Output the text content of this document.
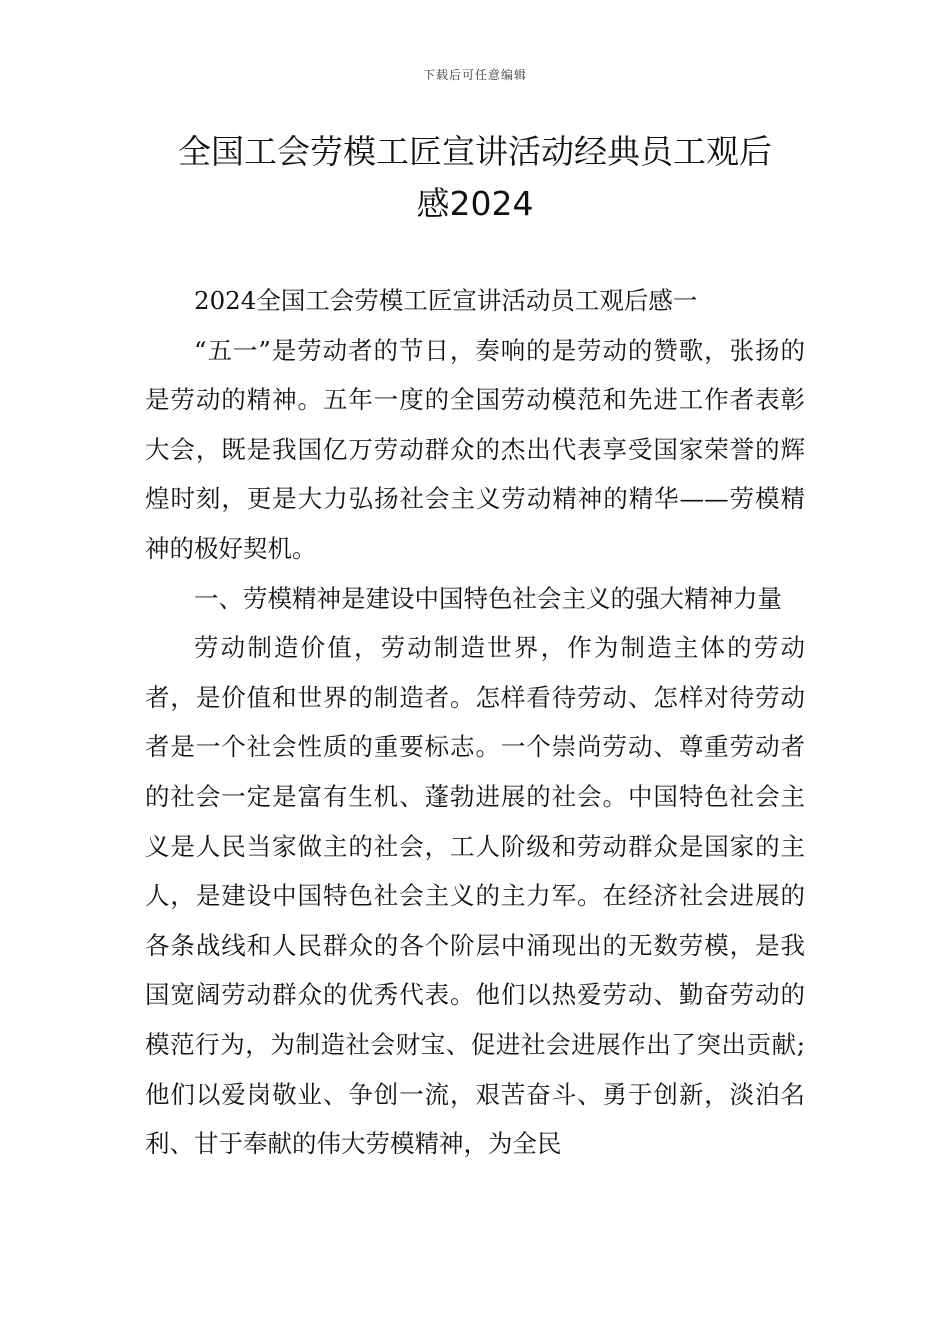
下载后可任意编辑
全国工会劳模工匠宣讲活动经典员工观后
感2024

2024全国工会劳模工匠宣讲活动员工观后感一

“五一”是劳动者的节日，奏响的是劳动的赞歌，张扬的是劳动的精神。五年一度的全国劳动模范和先进工作者表彰大会，既是我国亿万劳动群众的杰出代表享受国家荣誉的辉煌时刻，更是大力弘扬社会主义劳动精神的精华——劳模精神的极好契机。

一、劳模精神是建设中国特色社会主义的强大精神力量

劳动制造价值，劳动制造世界，作为制造主体的劳动者，是价值和世界的制造者。怎样看待劳动、怎样对待劳动者是一个社会性质的重要标志。一个崇尚劳动、尊重劳动者的社会一定是富有生机、蓬勃进展的社会。中国特色社会主义是人民当家做主的社会，工人阶级和劳动群众是国家的主人，是建设中国特色社会主义的主力军。在经济社会进展的各条战线和人民群众的各个阶层中涌现出的无数劳模，是我国宽阔劳动群众的优秀代表。他们以热爱劳动、勤奋劳动的模范行为，为制造社会财宝、促进社会进展作出了突出贡献;他们以爱岗敬业、争创一流，艰苦奋斗、勇于创新，淡泊名利、甘于奉献的伟大劳模精神，为全民
